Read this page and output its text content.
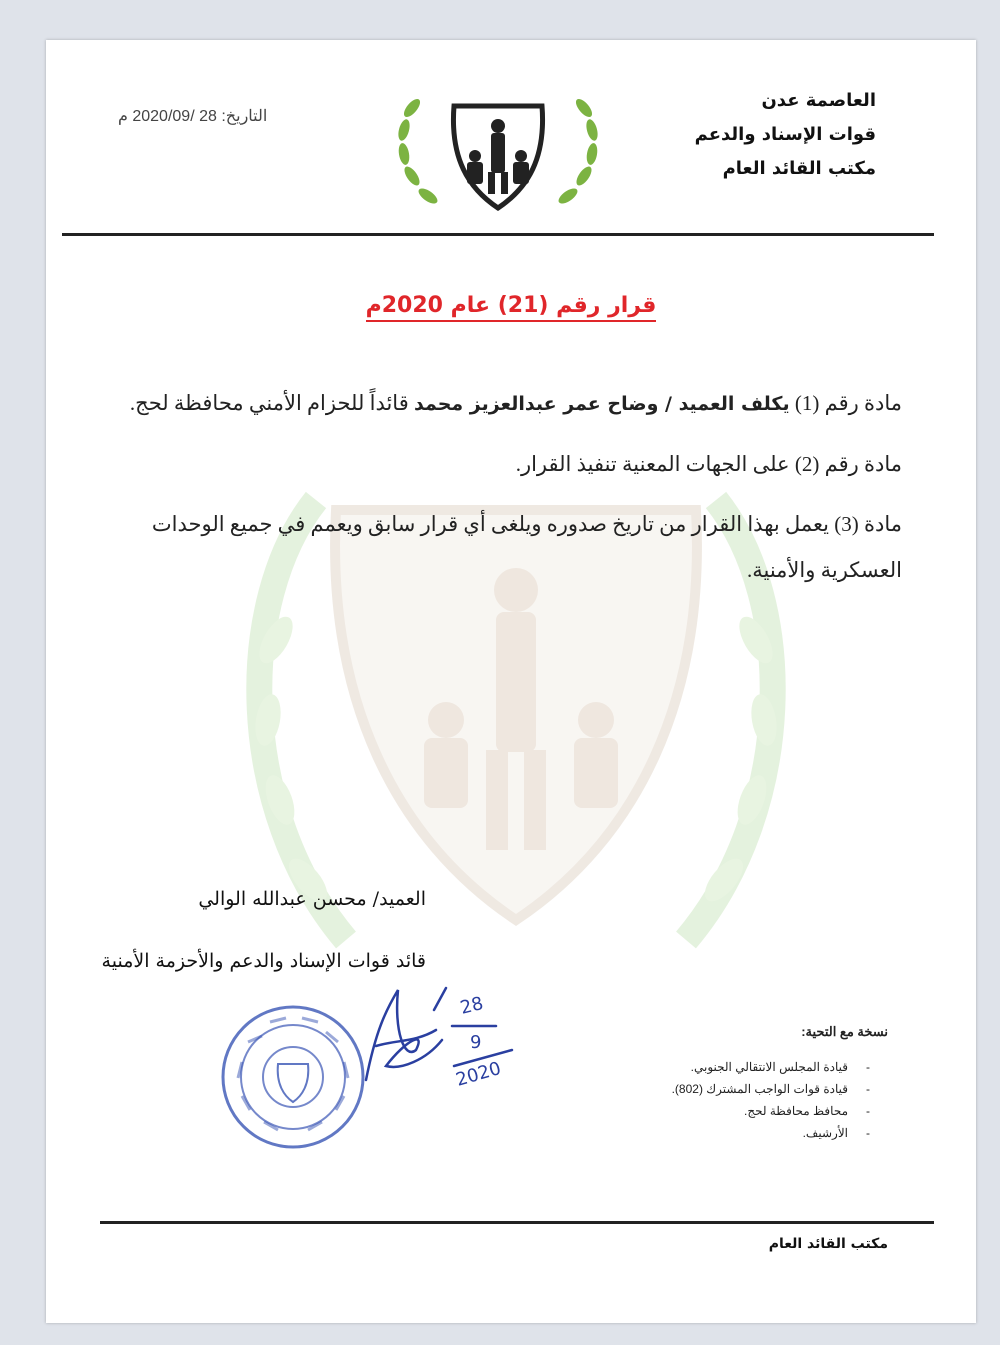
العاصمة عدن
قوات الإسناد والدعم
مكتب القائد العام
التاريخ: 28 /2020/09 م
قرار رقم (21) عام 2020م

مادة رقم (1) يكلف العميد / وضاح عمر عبدالعزيز محمد قائداً للحزام الأمني محافظة لحج.

مادة رقم (2) على الجهات المعنية تنفيذ القرار.

مادة (3) يعمل بهذا القرار من تاريخ صدوره ويلغى أي قرار سابق ويعمم في جميع الوحدات العسكرية والأمنية.

العميد/ محسن عبدالله الوالي
قائد قوات الإسناد والدعم والأحزمة الأمنية
28
9
2020
نسخة مع التحية:
-قيادة المجلس الانتقالي الجنوبي.
-قيادة قوات الواجب المشترك (802).
-محافظ محافظة لحج.
-الأرشيف.
مكتب القائد العام
